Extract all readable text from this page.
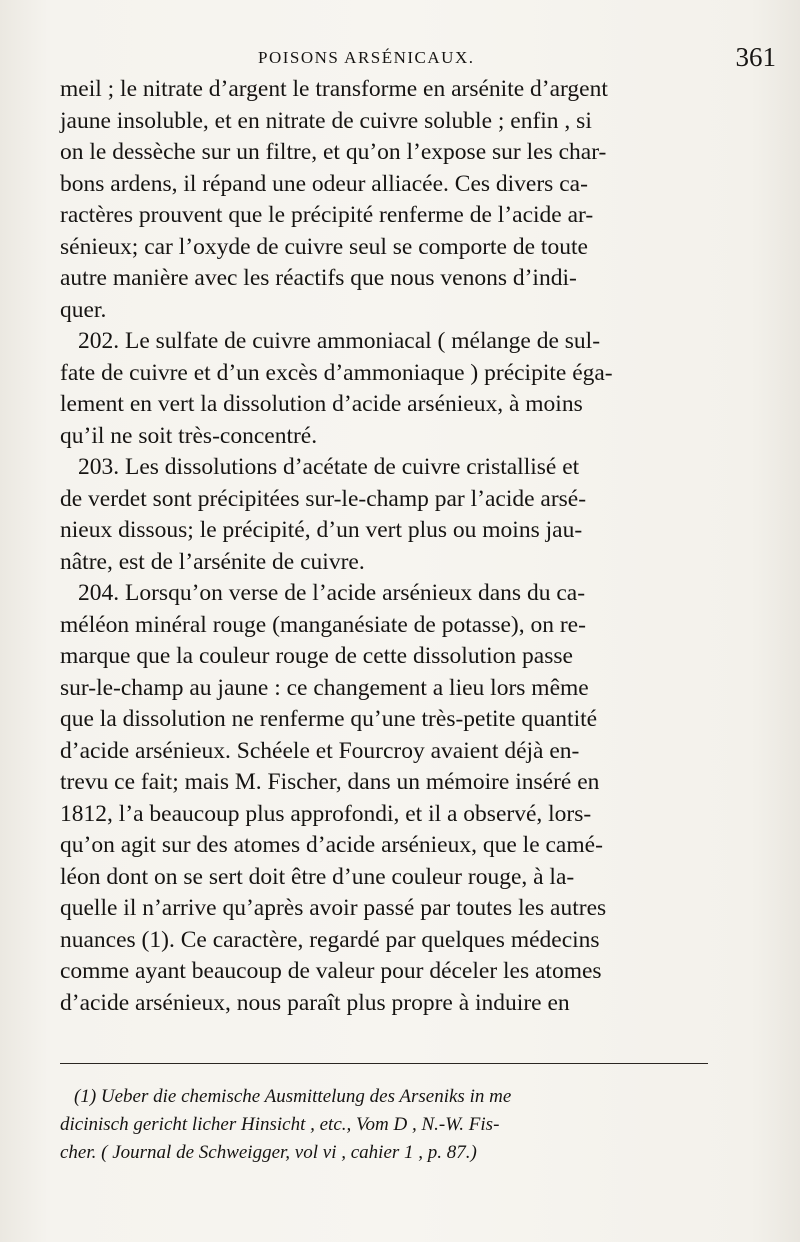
POISONS ARSÉNICAUX.	361
meil ; le nitrate d’argent le transforme en arsénite d’argent
jaune insoluble, et en nitrate de cuivre soluble ; enfin , si
on le dessèche sur un filtre, et qu’on l’expose sur les char-
bons ardens, il répand une odeur alliacée. Ces divers ca-
ractères prouvent que le précipité renferme de l’acide ar-
sénieux; car l’oxyde de cuivre seul se comporte de toute
autre manière avec les réactifs que nous venons d’indi-
quer.
202. Le sulfate de cuivre ammoniacal ( mélange de sul-
fate de cuivre et d’un excès d’ammoniaque ) précipite éga-
lement en vert la dissolution d’acide arsénieux, à moins
qu’il ne soit très-concentré.
203. Les dissolutions d’acétate de cuivre cristallisé et
de verdet sont précipitées sur-le-champ par l’acide arsé-
nieux dissous; le précipité, d’un vert plus ou moins jau-
nâtre, est de l’arsénite de cuivre.
204. Lorsqu’on verse de l’acide arsénieux dans du ca-
méléon minéral rouge (manganésiate de potasse), on re-
marque que la couleur rouge de cette dissolution passe
sur-le-champ au jaune : ce changement a lieu lors même
que la dissolution ne renferme qu’une très-petite quantité
d’acide arsénieux. Schéele et Fourcroy avaient déjà en-
trevu ce fait; mais M. Fischer, dans un mémoire inséré en
1812, l’a beaucoup plus approfondi, et il a observé, lors-
qu’on agit sur des atomes d’acide arsénieux, que le camé-
léon dont on se sert doit être d’une couleur rouge, à la-
quelle il n’arrive qu’après avoir passé par toutes les autres
nuances (1). Ce caractère, regardé par quelques médecins
comme ayant beaucoup de valeur pour déceler les atomes
d’acide arsénieux, nous paraît plus propre à induire en
(1) Ueber die chemische Ausmittelung des Arseniks in me
dicinisch gericht licher Hinsicht , etc., Vom D , N.-W. Fis-
cher. ( Journal de Schweigger, vol vi , cahier 1 , p. 87.)
